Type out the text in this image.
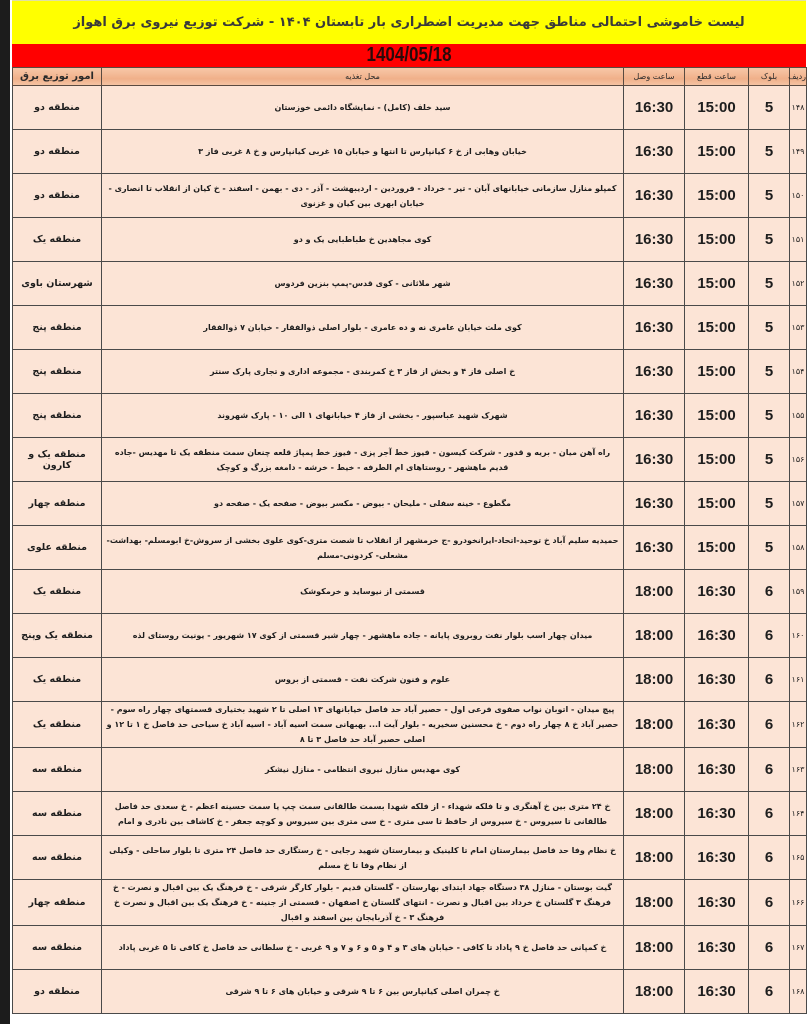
لیست خاموشی احتمالی مناطق جهت مدیریت اضطراری بار تابستان ۱۴۰۴ - شرکت توزیع نیروی برق اهواز
1404/05/18
ردیف	بلوک	ساعت قطع	ساعت وصل	محل تغذیه	امور توزیع برق
۱۴۸	5	15:00	16:30	سید خلف (کامل) - نمایشگاه دائمی خوزستان	منطقه دو
۱۴۹	5	15:00	16:30	خیابان وهابی از خ ۶ کیانپارس تا انتها و خیابان ۱۵ غربی کیانپارس و خ ۸ غربی فاز ۳	منطقه دو
۱۵۰	5	15:00	16:30	کمپلو منازل سازمانی خیابانهای آبان - تیر - خرداد - فروردین - اردیبهشت - آذر - دی - بهمن - اسفند - خ کیان از انقلاب تا انصاری - خیابان ابهری بین کیان و غزنوی	منطقه دو
۱۵۱	5	15:00	16:30	کوی مجاهدین خ طباطبایی یک و دو	منطقه یک
۱۵۲	5	15:00	16:30	شهر ملاثانی - کوی قدس-پمپ بنزین فردوس	شهرستان باوی
۱۵۳	5	15:00	16:30	کوی ملت خیابان عامری نه و ده عامری - بلوار اصلی ذوالفقار - خیابان ۷ ذوالفقار	منطقه پنج
۱۵۴	5	15:00	16:30	خ اصلی فاز ۴ و بخش از فاز ۳ خ کمربندی - مجموعه اداری و تجاری پارک سنتر	منطقه پنج
۱۵۵	5	15:00	16:30	شهرک شهید عباسپور - بخشی از فاز ۴ خیابانهای ۱ الی ۱۰ - پارک شهروند	منطقه پنج
۱۵۶	5	15:00	16:30	راه آهن میان - بریه و قدور - شرکت کیسون - فیوز خط آجر پزی - فیوز خط پمپاژ قلعه چنعان سمت منطقه یک تا مهدیس -جاده قدیم ماهشهر - روستاهای ام الطرفه - خیط - خرشه - دامغه بزرگ و کوچک	منطقه یک و کارون
۱۵۷	5	15:00	16:30	مگطوع - خینه سفلی - ملیحان - بیوض - مکسر بیوض - صفحه یک - صفحه دو	منطقه چهار
۱۵۸	5	15:00	16:30	حمیدیه سلیم آباد خ توحید-اتحاد-ایرانخودرو -ج خرمشهر از انقلاب تا شصت متری-کوی علوی بخشی از سروش-خ ابومسلم- بهداشت- مشعلی- کردونی-مسلم	منطقه علوی
۱۵۹	6	16:30	18:00	قسمتی از نیوساید و خرمکوشک	منطقه یک
۱۶۰	6	16:30	18:00	میدان چهار اسب بلوار نفت روبروی پایانه - جاده ماهشهر - چهار شیر قسمتی از کوی ۱۷ شهریور - یونیت روستای لذه	منطقه یک وپنج
۱۶۱	6	16:30	18:00	علوم و فنون شرکت نفت - قسمتی از بروس	منطقه یک
۱۶۲	6	16:30	18:00	پیچ میدان - اتوبان نواب صفوی فرعی اول - حصیر آباد حد فاصل خیابانهای ۱۳ اصلی تا ۲ شهید بختیاری قسمتهای چهار راه سوم - حصیر آباد خ ۸ چهار راه دوم - خ محسنین سخیریه - بلوار آیت ا... بهبهانی سمت اسیه آباد - اسیه آباد خ سیاحی حد فاصل خ ۱ تا ۱۲ و اصلی حصیر آباد حد فاصل ۳ تا ۸	منطقه یک
۱۶۳	6	16:30	18:00	کوی مهدیس منازل نیروی انتظامی - منازل نیشکر	منطقه سه
۱۶۴	6	16:30	18:00	خ ۲۴ متری بین خ آهنگری و تا فلکه شهداء - از فلکه شهدا بسمت طالقانی سمت چپ یا سمت حسینه اعظم - خ سعدی حد فاصل طالقانی تا سیروس - خ سیروس از حافظ تا سی متری - خ سی متری بین سیروس و کوچه جعفر - خ کاشاف بین نادری و امام	منطقه سه
۱۶۵	6	16:30	18:00	خ نظام وفا حد فاصل بیمارستان امام تا کلینیک و بیمارستان شهید رجایی - خ رستگاری حد فاصل ۲۴ متری تا بلوار ساحلی - وکیلی از نظام وفا تا خ مسلم	منطقه سه
۱۶۶	6	16:30	18:00	گیت بوستان - منازل ۳۸ دستگاه جهاد ابتدای بهارستان - گلستان قدیم - بلوار کارگر شرقی - خ فرهنگ یک بین اقبال و نصرت - خ فرهنگ ۳ گلستان خ خرداد بین اقبال و نصرت - انتهای گلستان خ اصفهان - قسمتی از جنینه - خ فرهنگ یک بین اقبال و نصرت خ فرهنگ ۳ - خ آذربایجان بین اسفند و اقبال	منطقه چهار
۱۶۷	6	16:30	18:00	خ کمپانی حد فاصل خ ۹ پاداد تا کافی - خیابان های ۳ و ۴ و ۵ و ۶ و ۷ و ۹ غربی - خ سلطانی حد فاصل خ کافی تا ۵ غربی پاداد	منطقه سه
۱۶۸	6	16:30	18:00	خ چمران اصلی کیانپارس بین ۶ تا ۹ شرقی و خیابان های ۶ تا ۹ شرقی	منطقه دو
